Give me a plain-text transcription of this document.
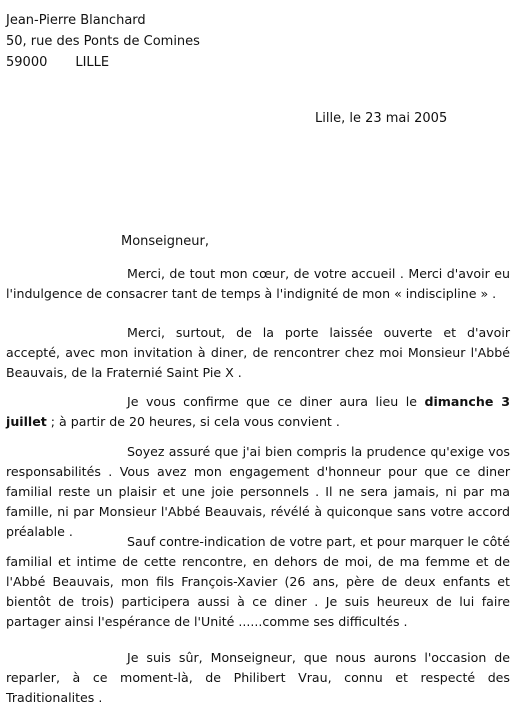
Jean-Pierre Blanchard
50, rue des Ponts de Comines
59000 LILLE
Lille, le 23 mai 2005
Monseigneur,

Merci, de tout mon cœur, de votre accueil . Merci d'avoir eu l'indulgence de consacrer tant de temps à l'indignité de mon « indiscipline » .

Merci, surtout, de la porte laissée ouverte et d'avoir accepté, avec mon invitation à diner, de rencontrer chez moi Monsieur l'Abbé Beauvais, de la Fraternié Saint Pie X .

Je vous confirme que ce diner aura lieu le dimanche 3 juillet ; à partir de 20 heures, si cela vous convient .

Soyez assuré que j'ai bien compris la prudence qu'exige vos responsabilités . Vous avez mon engagement d'honneur pour que ce diner familial reste un plaisir et une joie personnels . Il ne sera jamais, ni par ma famille, ni par Monsieur l'Abbé Beauvais, révélé à quiconque sans votre accord préalable .

Sauf contre-indication de votre part, et pour marquer le côté familial et intime de cette rencontre, en dehors de moi, de ma femme et de l'Abbé Beauvais, mon fils François-Xavier (26 ans, père de deux enfants et bientôt de trois) participera aussi à ce diner . Je suis heureux de lui faire partager ainsi l'espérance de l'Unité ......comme ses difficultés .

Je suis sûr, Monseigneur, que nous aurons l'occasion de reparler, à ce moment-là, de Philibert Vrau, connu et respecté des Traditionalites .
